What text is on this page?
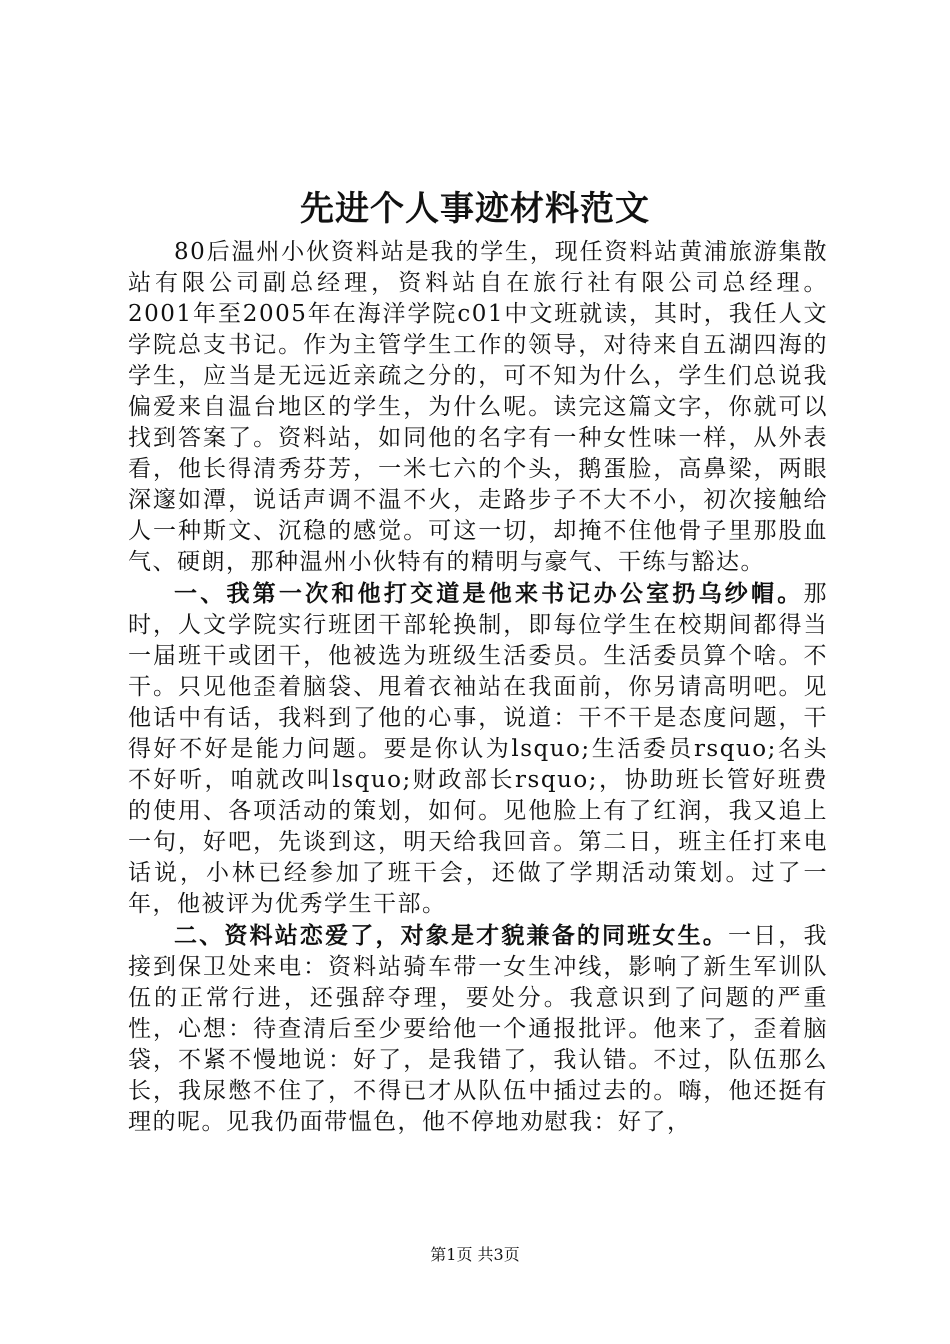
先进个人事迹材料范文

80后温州小伙资料站是我的学生，现任资料站黄浦旅游集散站有限公司副总经理，资料站自在旅行社有限公司总经理。2001年至2005年在海洋学院c01中文班就读，其时，我任人文学院总支书记。作为主管学生工作的领导，对待来自五湖四海的学生，应当是无远近亲疏之分的，可不知为什么，学生们总说我偏爱来自温台地区的学生，为什么呢。读完这篇文字，你就可以找到答案了。资料站，如同他的名字有一种女性味一样，从外表看，他长得清秀芬芳，一米七六的个头，鹅蛋脸，高鼻梁，两眼深邃如潭，说话声调不温不火，走路步子不大不小，初次接触给人一种斯文、沉稳的感觉。可这一切，却掩不住他骨子里那股血气、硬朗，那种温州小伙特有的精明与豪气、干练与豁达。

一、我第一次和他打交道是他来书记办公室扔乌纱帽。那时，人文学院实行班团干部轮换制，即每位学生在校期间都得当一届班干或团干，他被选为班级生活委员。生活委员算个啥。不干。只见他歪着脑袋、甩着衣袖站在我面前，你另请高明吧。见他话中有话，我料到了他的心事，说道：干不干是态度问题，干得好不好是能力问题。要是你认为lsquo;生活委员rsquo;名头不好听，咱就改叫lsquo;财政部长rsquo;，协助班长管好班费的使用、各项活动的策划，如何。见他脸上有了红润，我又追上一句，好吧，先谈到这，明天给我回音。第二日，班主任打来电话说，小林已经参加了班干会，还做了学期活动策划。过了一年，他被评为优秀学生干部。

二、资料站恋爱了，对象是才貌兼备的同班女生。一日，我接到保卫处来电：资料站骑车带一女生冲线，影响了新生军训队伍的正常行进，还强辞夺理，要处分。我意识到了问题的严重性，心想：待查清后至少要给他一个通报批评。他来了，歪着脑袋，不紧不慢地说：好了，是我错了，我认错。不过，队伍那么长，我尿憋不住了，不得已才从队伍中插过去的。嗨，他还挺有理的呢。见我仍面带愠色，他不停地劝慰我：好了，

第1页 共3页
